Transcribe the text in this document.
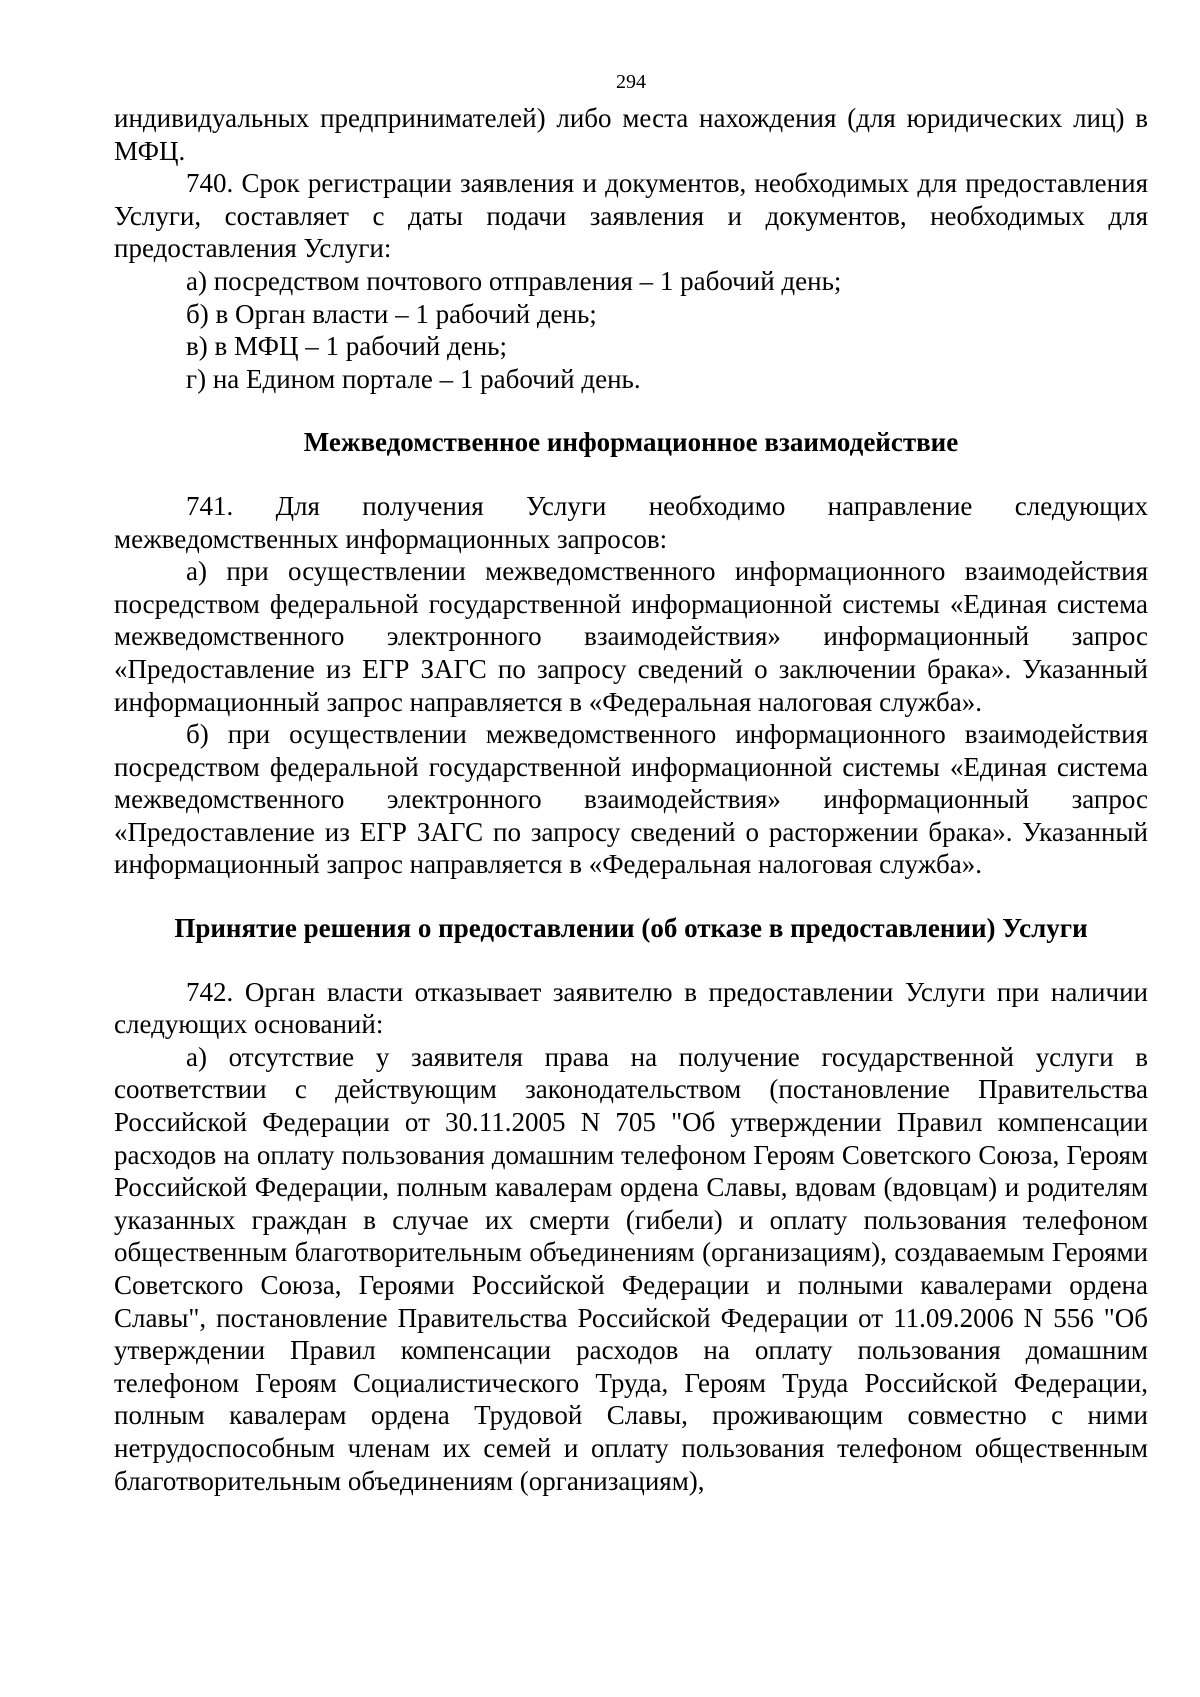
294

индивидуальных предпринимателей) либо места нахождения (для юридических лиц) в МФЦ.

740. Срок регистрации заявления и документов, необходимых для предоставления Услуги, составляет с даты подачи заявления и документов, необходимых для предоставления Услуги:

а) посредством почтового отправления – 1 рабочий день;

б) в Орган власти – 1 рабочий день;

в) в МФЦ – 1 рабочий день;

г) на Едином портале – 1 рабочий день.

Межведомственное информационное взаимодействие

741. Для получения Услуги необходимо направление следующих межведомственных информационных запросов:

а) при осуществлении межведомственного информационного взаимодействия посредством федеральной государственной информационной системы «Единая система межведомственного электронного взаимодействия» информационный запрос «Предоставление из ЕГР ЗАГС по запросу сведений о заключении брака». Указанный информационный запрос направляется в «Федеральная налоговая служба».

б) при осуществлении межведомственного информационного взаимодействия посредством федеральной государственной информационной системы «Единая система межведомственного электронного взаимодействия» информационный запрос «Предоставление из ЕГР ЗАГС по запросу сведений о расторжении брака». Указанный информационный запрос направляется в «Федеральная налоговая служба».

Принятие решения о предоставлении (об отказе в предоставлении) Услуги

742. Орган власти отказывает заявителю в предоставлении Услуги при наличии следующих оснований:

а) отсутствие у заявителя права на получение государственной услуги в соответствии с действующим законодательством (постановление Правительства Российской Федерации от 30.11.2005 N 705 "Об утверждении Правил компенсации расходов на оплату пользования домашним телефоном Героям Советского Союза, Героям Российской Федерации, полным кавалерам ордена Славы, вдовам (вдовцам) и родителям указанных граждан в случае их смерти (гибели) и оплату пользования телефоном общественным благотворительным объединениям (организациям), создаваемым Героями Советского Союза, Героями Российской Федерации и полными кавалерами ордена Славы", постановление Правительства Российской Федерации от 11.09.2006 N 556 "Об утверждении Правил компенсации расходов на оплату пользования домашним телефоном Героям Социалистического Труда, Героям Труда Российской Федерации, полным кавалерам ордена Трудовой Славы, проживающим совместно с ними нетрудоспособным членам их семей и оплату пользования телефоном общественным благотворительным объединениям (организациям),
